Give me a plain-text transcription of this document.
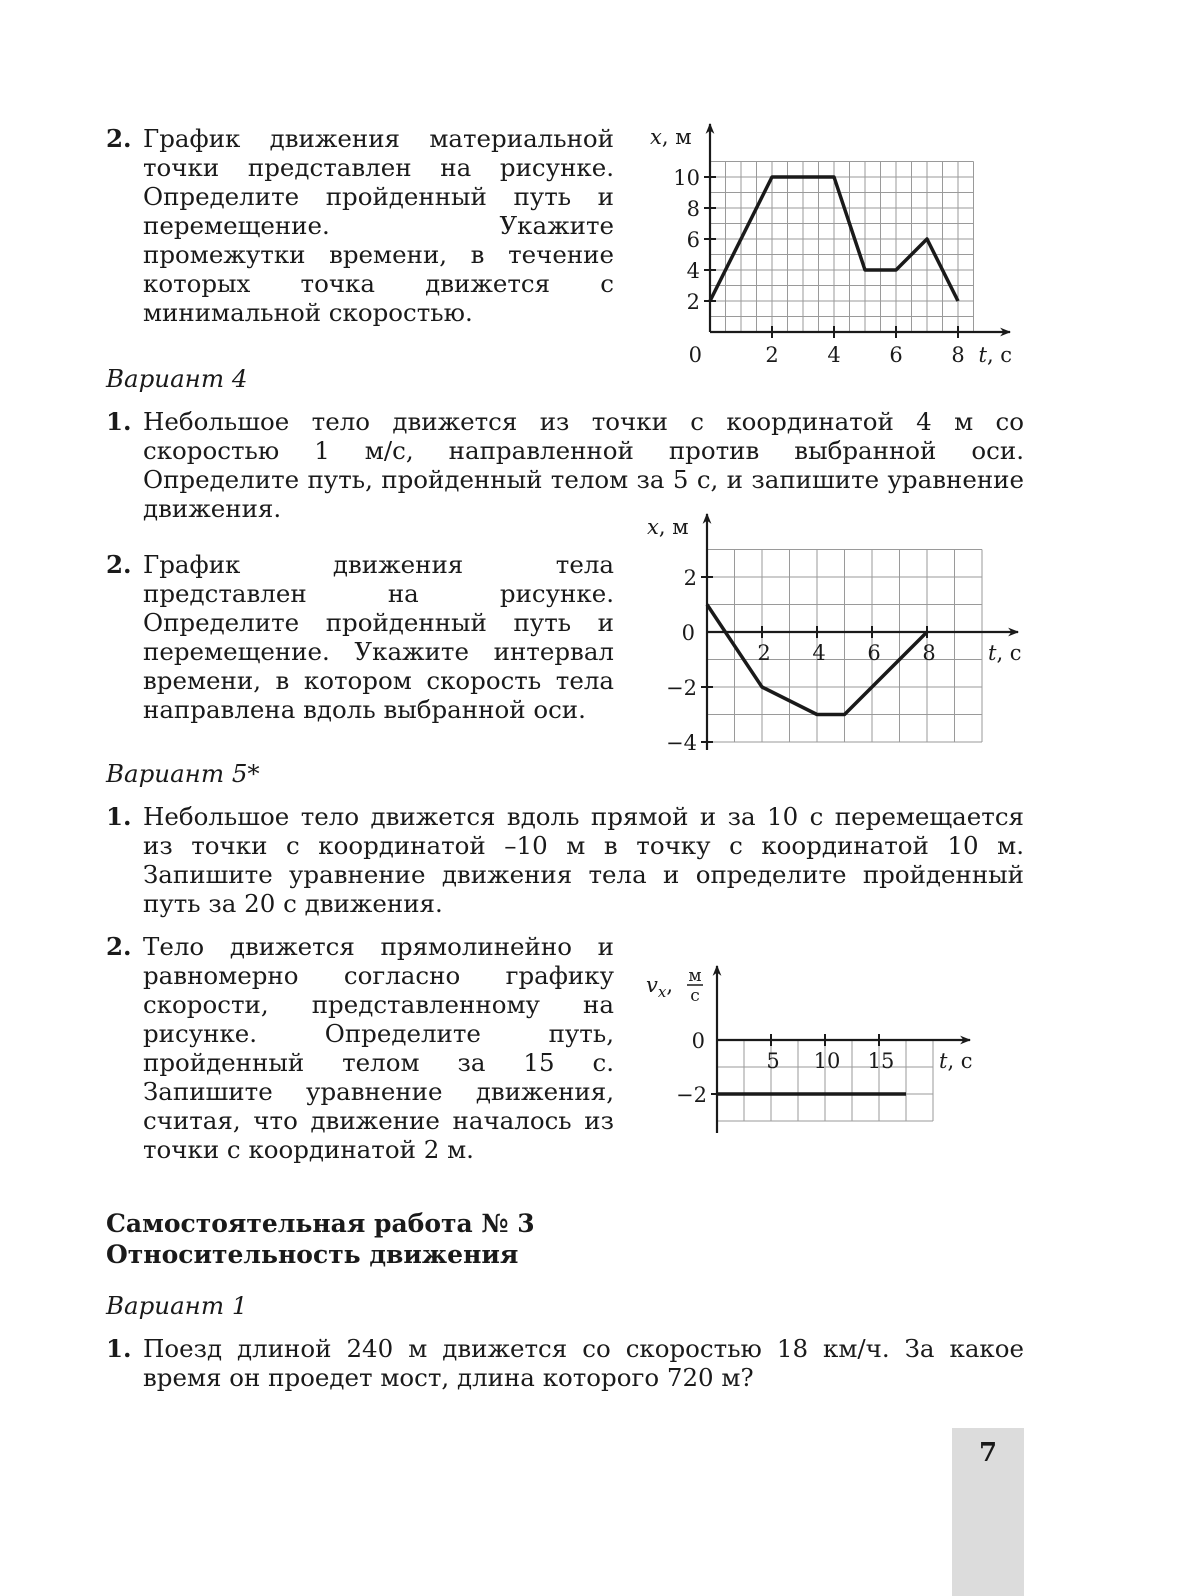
2. График движения материальной точки представлен на рисунке. Определите пройденный путь и перемещение. Укажите промежутки времени, в течение которых точка движется с минимальной скоростью.
0	2 4 6 8
2
4
6
8
10
t, с
x, м
Вариант 4
1. Небольшое тело движется из точки с координатой 4 м со скоростью 1 м/с, направленной против выбранной оси. Определите путь, пройденный телом за 5 с, и запишите уравнение движения.
2. График движения тела представлен на рисунке. Определите пройденный путь и перемещение. Укажите интервал времени, в котором скорость тела направлена вдоль выбранной оси.
0
2 4 6 8
2
−2
−4
t, с
x, м
Вариант 5*
1. Небольшое тело движется вдоль прямой и за 10 с перемещается из точки с координатой –10 м в точку с координатой 10 м. Запишите уравнение движения тела и определите пройденный путь за 20 с движения.
2. Тело движется прямолинейно и равномерно согласно графику скорости, представленному на рисунке. Определите путь, пройденный телом за 15 с. Запишите уравнение движения, считая, что движение началось из точки с координатой 2 м.
0
5 10 15
−2
t, с
$v_x$, м
с
Самостоятельная работа № 3
Относительность движения
Вариант 1
1. Поезд длиной 240 м движется со скоростью 18 км/ч. За какое время он проедет мост, длина которого 720 м?
7
